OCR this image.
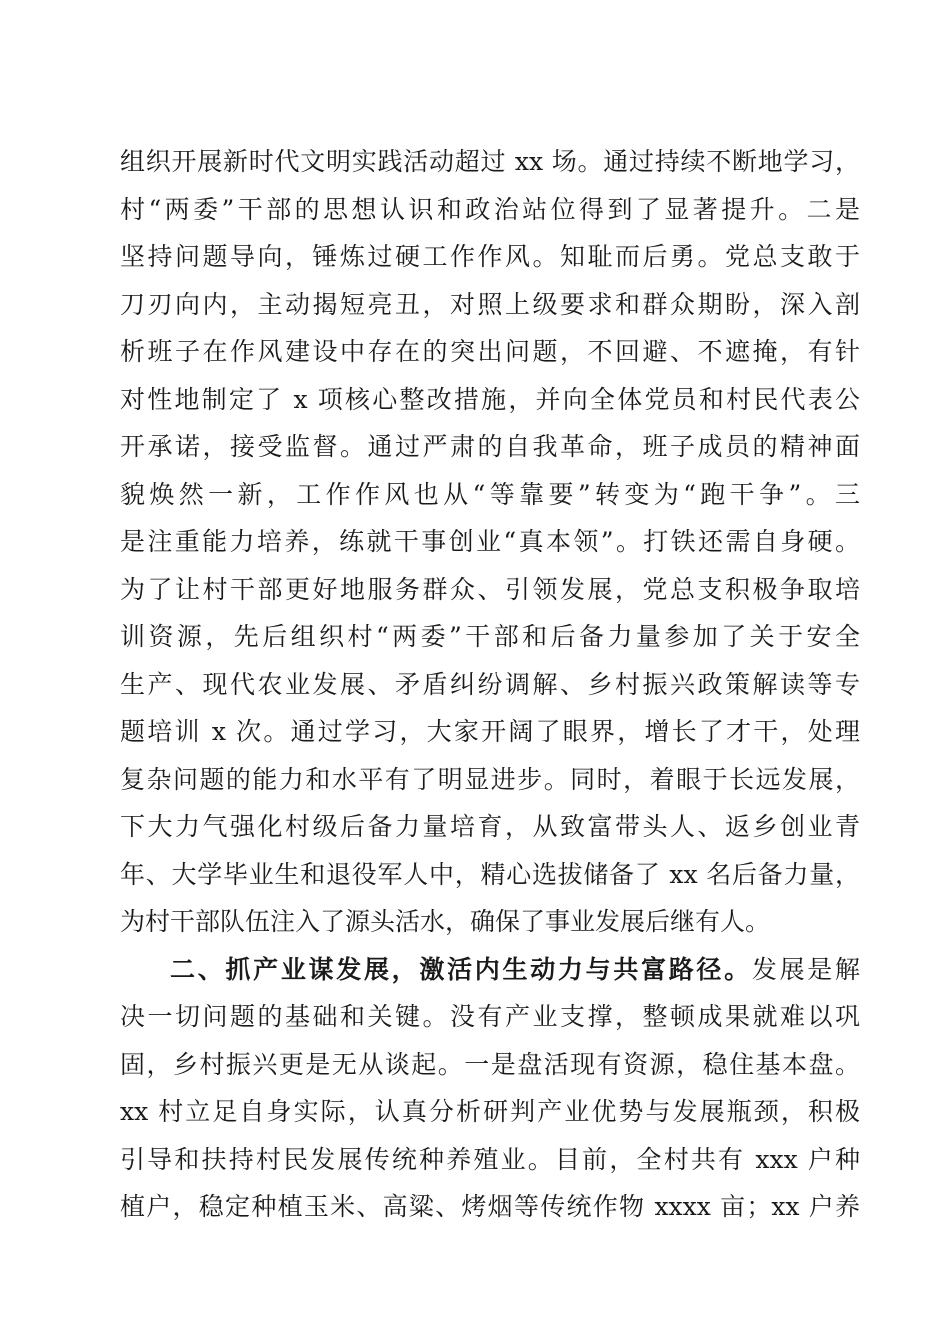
组织开展新时代文明实践活动超过 xx 场。通过持续不断地学习，
村“两委”干部的思想认识和政治站位得到了显著提升。二是
坚持问题导向，锤炼过硬工作作风。知耻而后勇。党总支敢于
刀刃向内，主动揭短亮丑，对照上级要求和群众期盼，深入剖
析班子在作风建设中存在的突出问题，不回避、不遮掩，有针
对性地制定了 x 项核心整改措施，并向全体党员和村民代表公
开承诺，接受监督。通过严肃的自我革命，班子成员的精神面
貌焕然一新，工作作风也从“等靠要”转变为“跑干争”。三
是注重能力培养，练就干事创业“真本领”。打铁还需自身硬。
为了让村干部更好地服务群众、引领发展，党总支积极争取培
训资源，先后组织村“两委”干部和后备力量参加了关于安全
生产、现代农业发展、矛盾纠纷调解、乡村振兴政策解读等专
题培训 x 次。通过学习，大家开阔了眼界，增长了才干，处理
复杂问题的能力和水平有了明显进步。同时，着眼于长远发展，
下大力气强化村级后备力量培育，从致富带头人、返乡创业青
年、大学毕业生和退役军人中，精心选拔储备了 xx 名后备力量，
为村干部队伍注入了源头活水，确保了事业发展后继有人。
二、抓产业谋发展，激活内生动力与共富路径。发展是解
决一切问题的基础和关键。没有产业支撑，整顿成果就难以巩
固，乡村振兴更是无从谈起。一是盘活现有资源，稳住基本盘。
xx 村立足自身实际，认真分析研判产业优势与发展瓶颈，积极
引导和扶持村民发展传统种养殖业。目前，全村共有 xxx 户种
植户，稳定种植玉米、高粱、烤烟等传统作物 xxxx 亩；xx 户养
